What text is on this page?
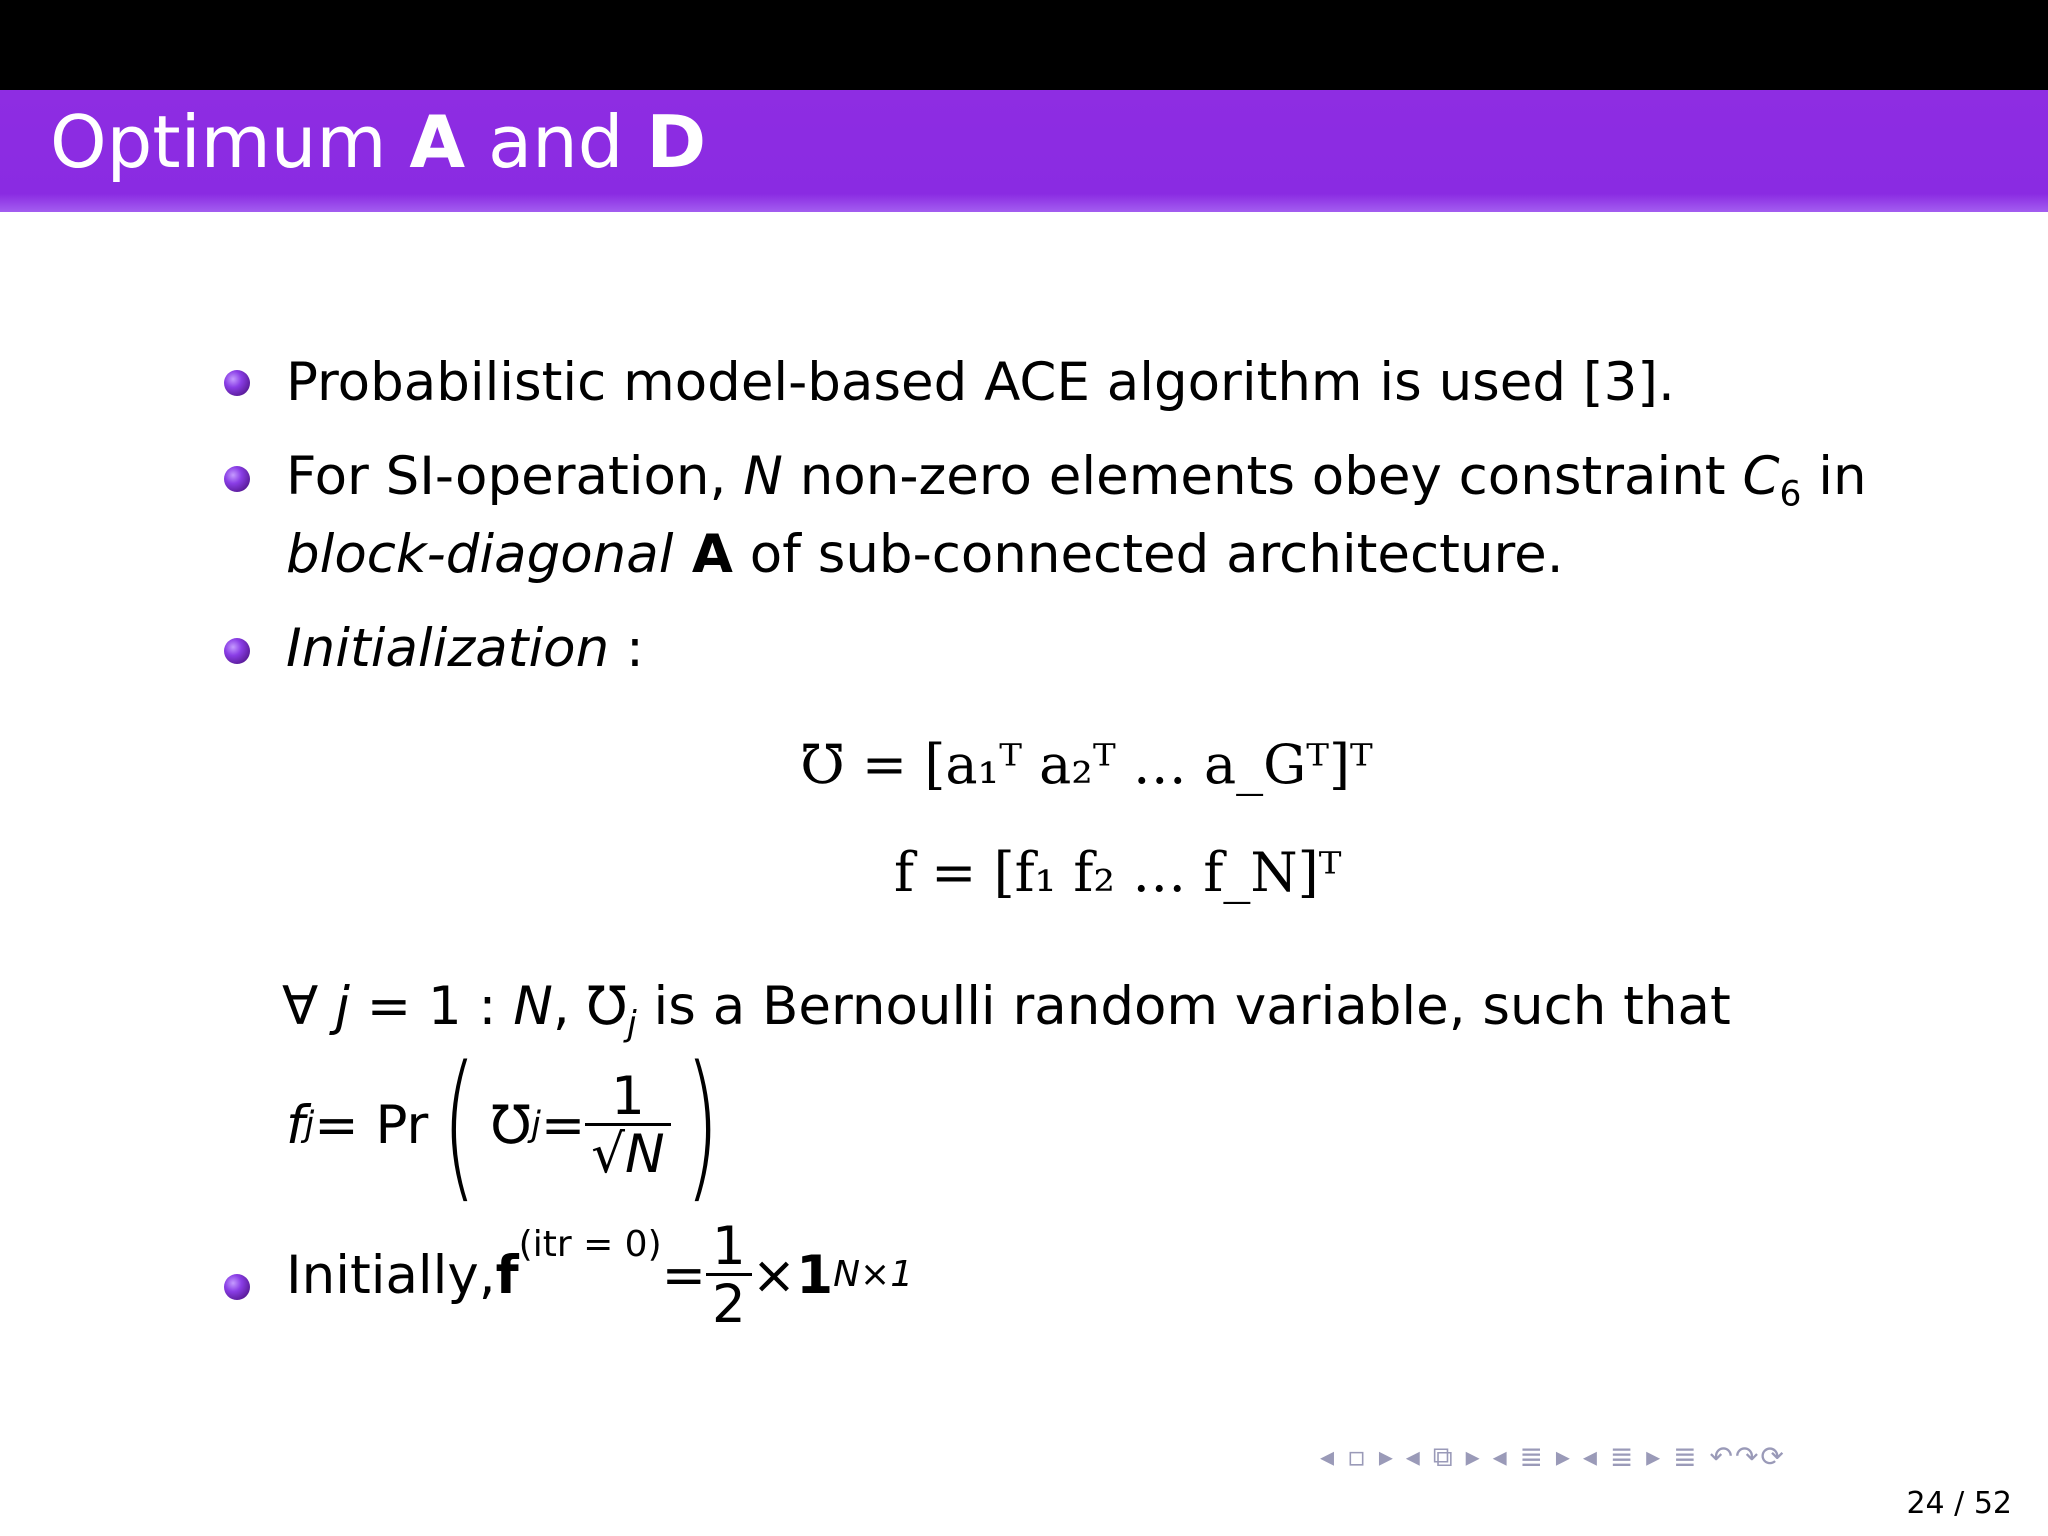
Optimum A and D
Probabilistic model-based ACE algorithm is used [3].
For SI-operation, N non-zero elements obey constraint $C_6$ in
block-diagonal A of sub-connected architecture.
Initialization :
℧ = [a₁ᵀ a₂ᵀ … a_Gᵀ]ᵀ
f = [f₁ f₂ … f_N]ᵀ
∀ j = 1 : N, $℧_j$ is a Bernoulli random variable, such that
f j = Pr ( ℧ $j = \frac{1}{√N}$ )
Initially, $f^{(itr = 0)} = \frac{1}{2} \times 1$ N×1
◂ ▫ ▸ ◂ ⧉ ▸ ◂ ≣ ▸ ◂ ≣ ▸ ≣ ↶↷⟳
24 / 52
